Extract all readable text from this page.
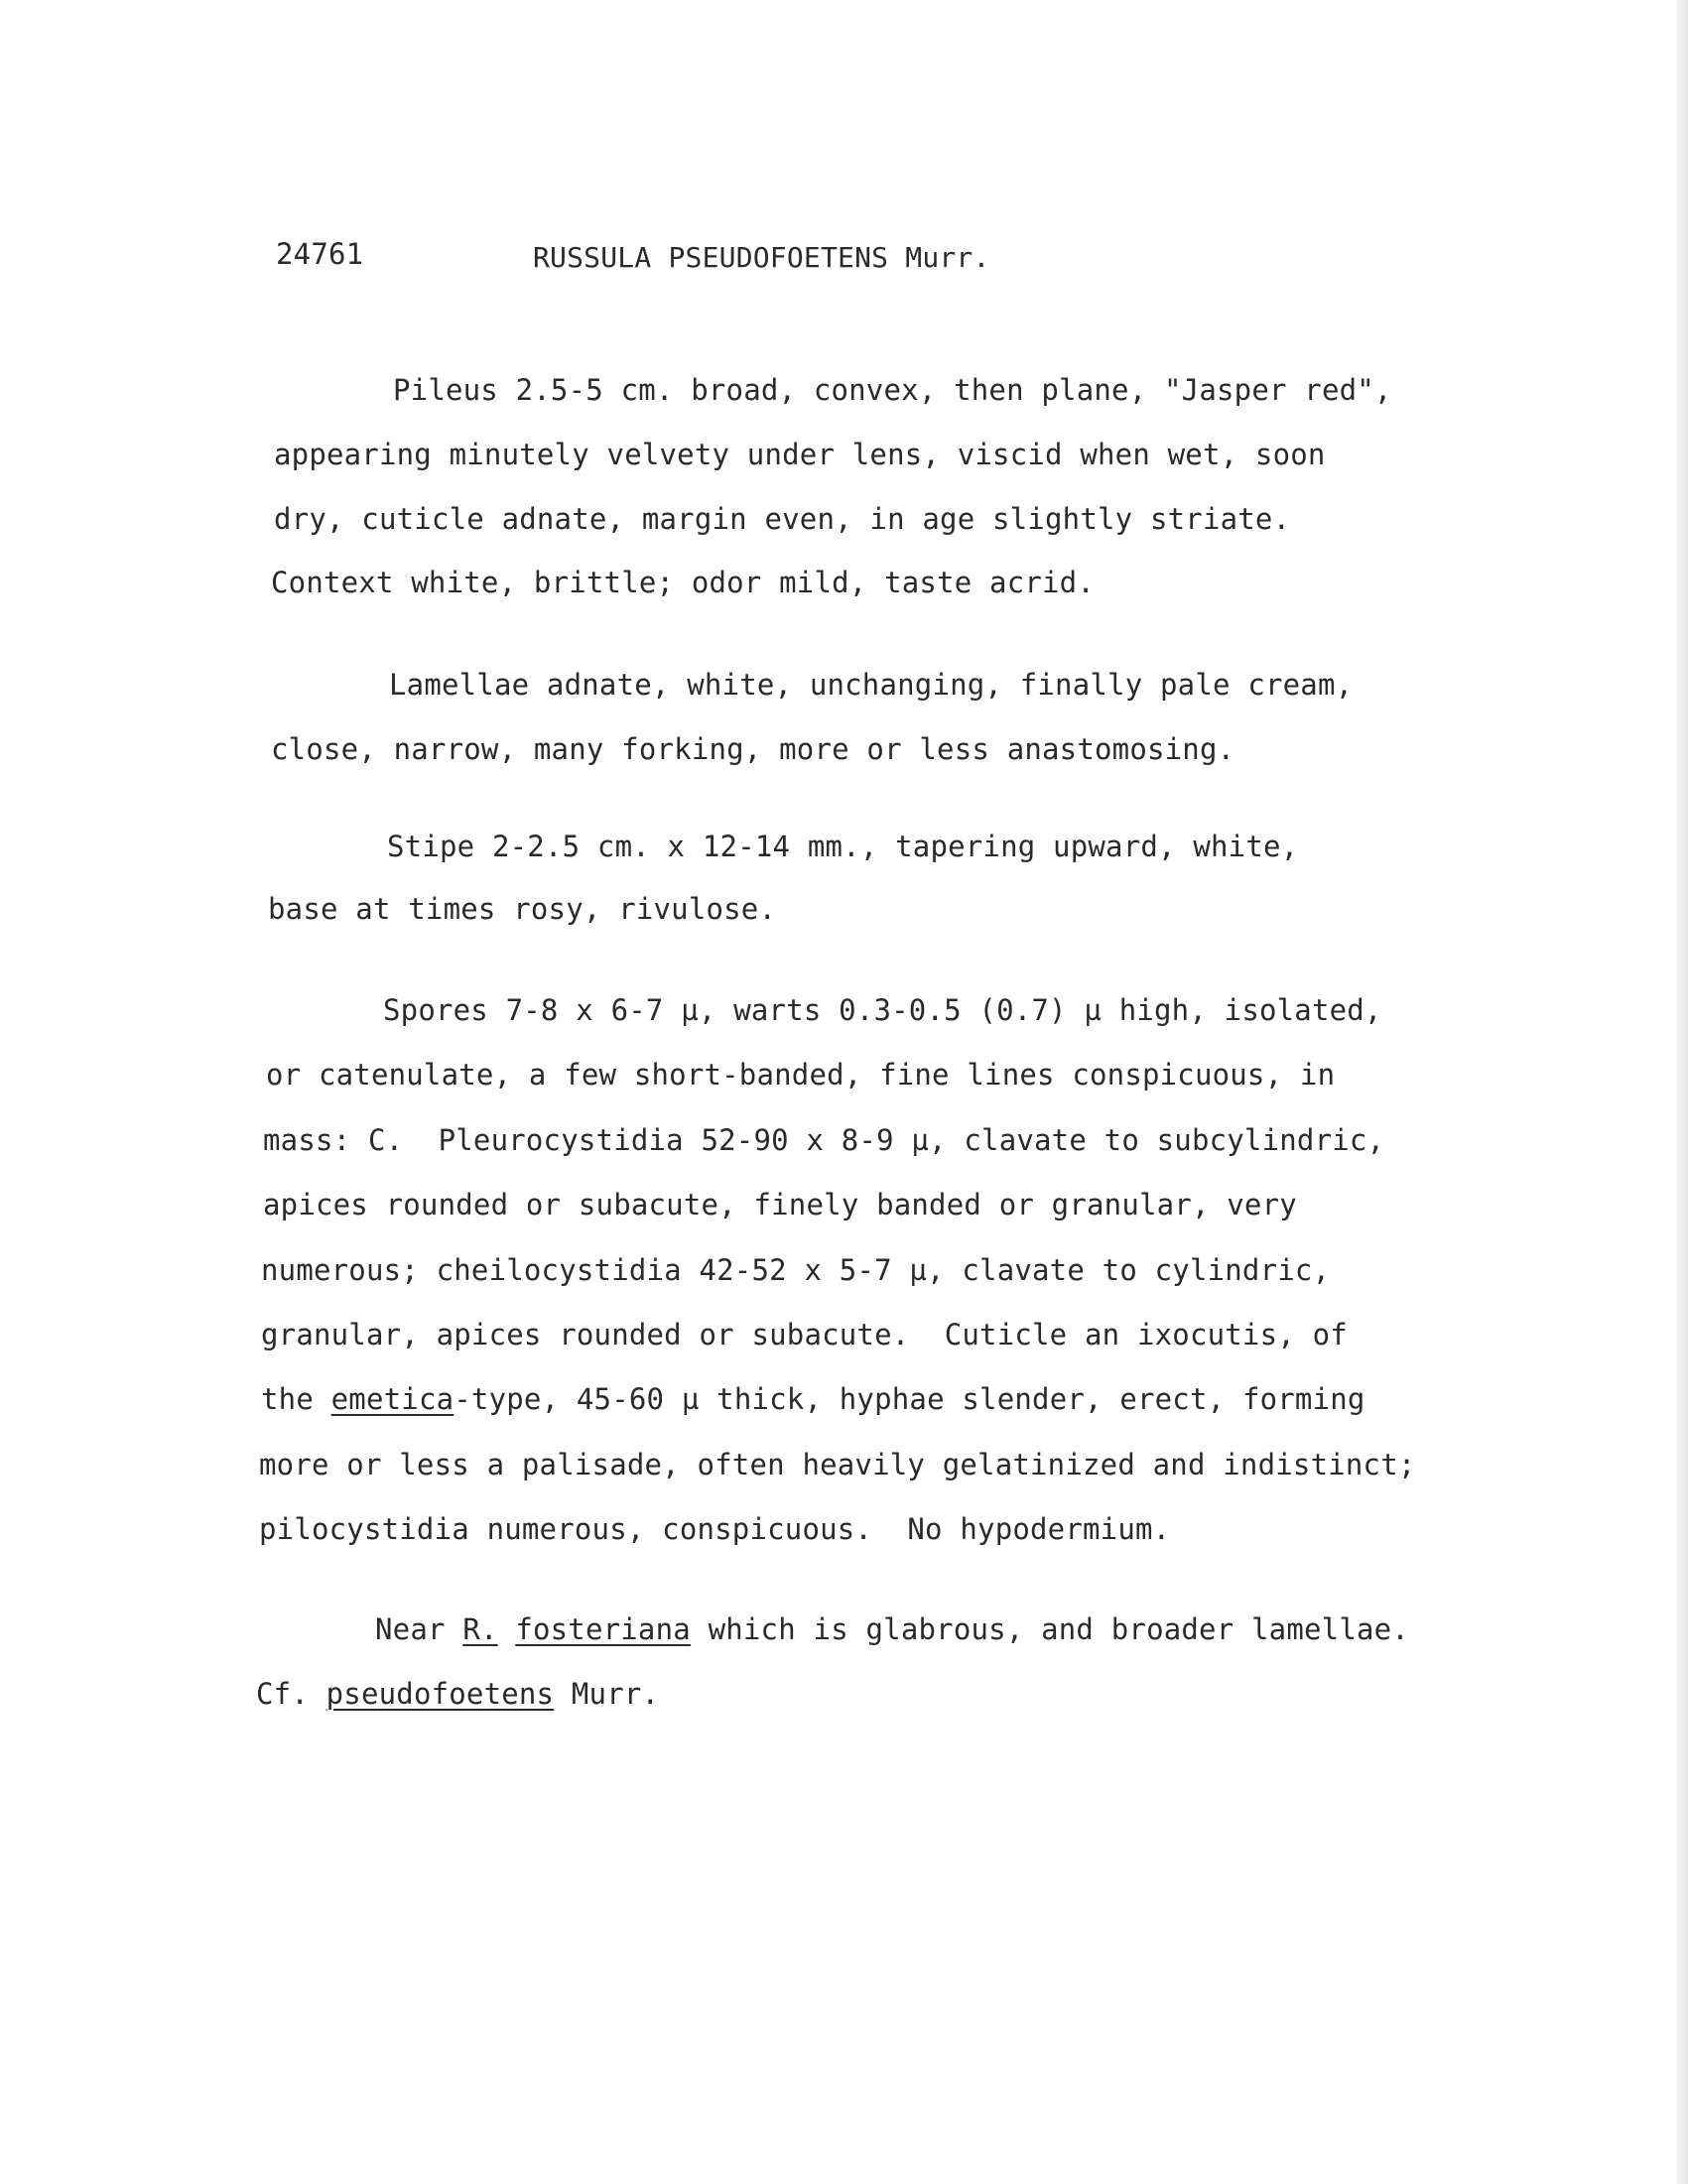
24761	RUSSULA PSEUDOFOETENS Murr.
Pileus 2.5-5 cm. broad, convex, then plane, "Jasper red",
appearing minutely velvety under lens, viscid when wet, soon
dry, cuticle adnate, margin even, in age slightly striate.
Context white, brittle; odor mild, taste acrid.
Lamellae adnate, white, unchanging, finally pale cream,
close, narrow, many forking, more or less anastomosing.
Stipe 2-2.5 cm. x 12-14 mm., tapering upward, white,
base at times rosy, rivulose.
Spores 7-8 x 6-7 µ, warts 0.3-0.5 (0.7) µ high, isolated,
or catenulate, a few short-banded, fine lines conspicuous, in
mass: C.  Pleurocystidia 52-90 x 8-9 µ, clavate to subcylindric,
apices rounded or subacute, finely banded or granular, very
numerous; cheilocystidia 42-52 x 5-7 µ, clavate to cylindric,
granular, apices rounded or subacute.  Cuticle an ixocutis, of
the emetica-type, 45-60 µ thick, hyphae slender, erect, forming
more or less a palisade, often heavily gelatinized and indistinct;
pilocystidia numerous, conspicuous.  No hypodermium.
Near R. fosteriana which is glabrous, and broader lamellae.
Cf. pseudofoetens Murr.
